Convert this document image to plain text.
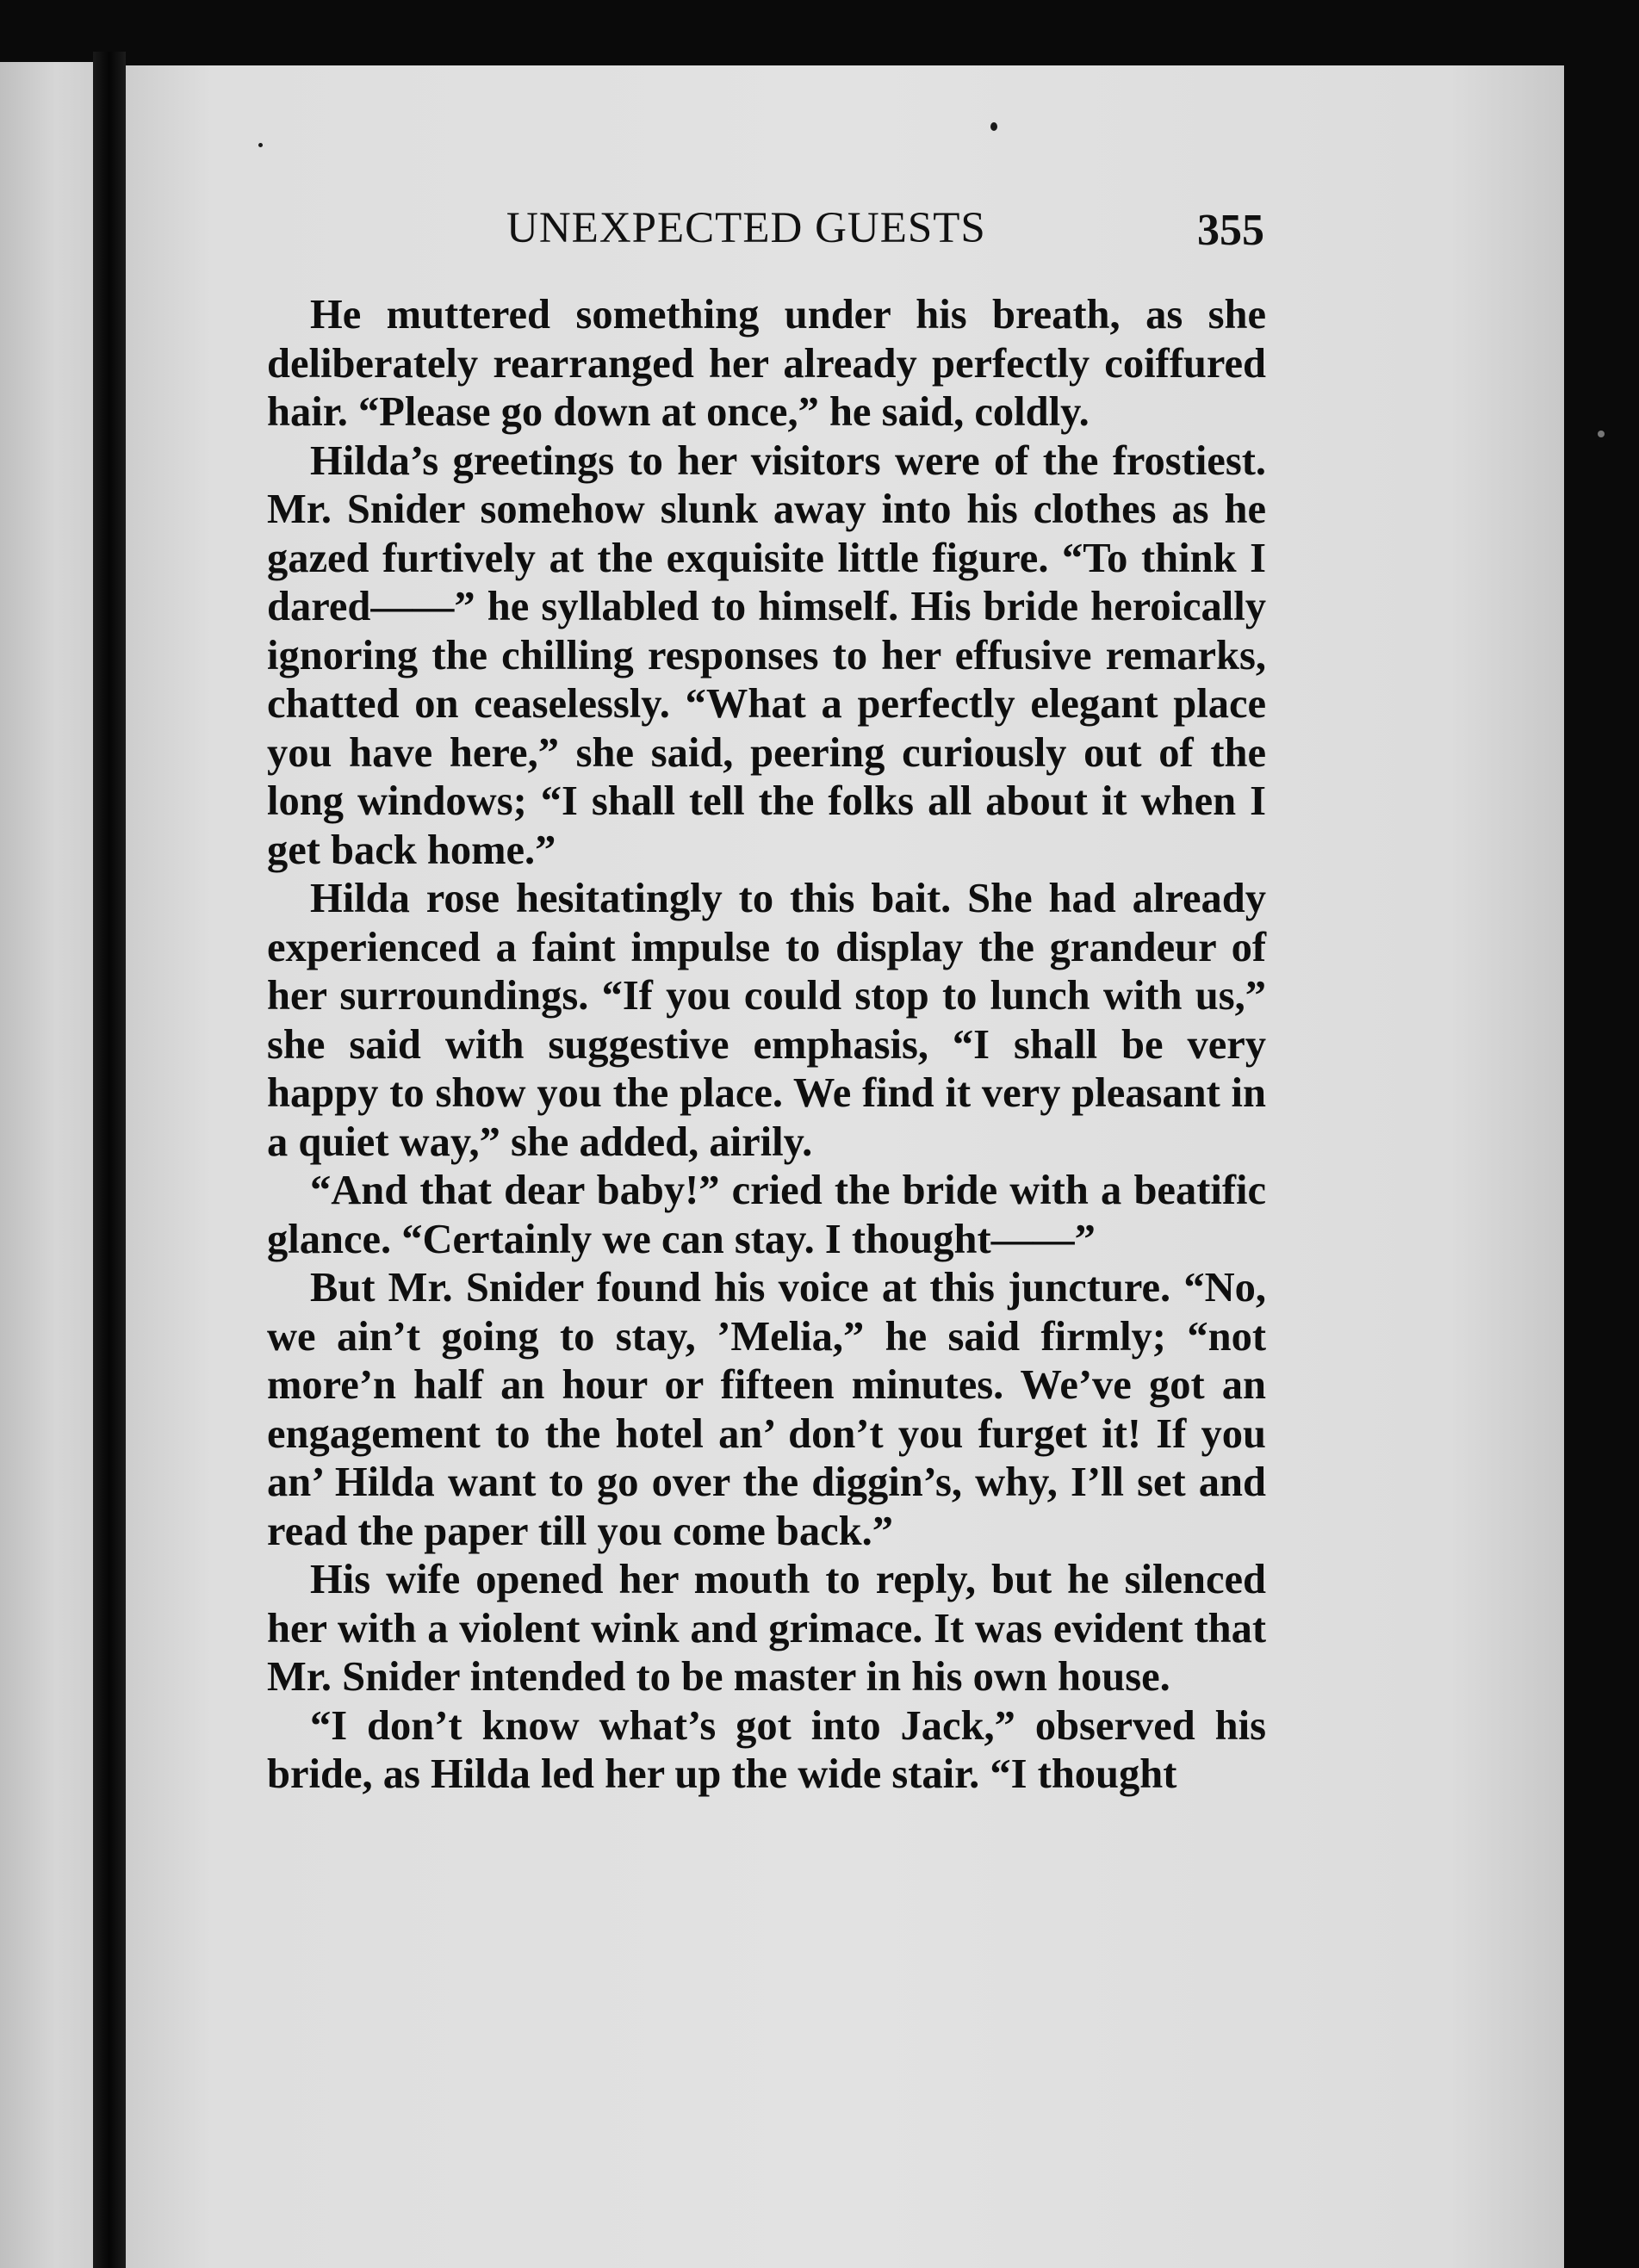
UNEXPECTED GUESTS	355

He muttered something under his breath, as she deliberately rearranged her already perfectly coiffured hair. “Please go down at once,” he said, coldly.

Hilda’s greetings to her visitors were of the frostiest. Mr. Snider somehow slunk away into his clothes as he gazed furtively at the exquisite little figure. “To think I dared——” he syllabled to himself. His bride heroically ignoring the chilling responses to her effusive remarks, chatted on ceaselessly. “What a perfectly elegant place you have here,” she said, peering curiously out of the long windows; “I shall tell the folks all about it when I get back home.”

Hilda rose hesitatingly to this bait. She had already experienced a faint impulse to display the grandeur of her surroundings. “If you could stop to lunch with us,” she said with suggestive emphasis, “I shall be very happy to show you the place. We find it very pleasant in a quiet way,” she added, airily.

“And that dear baby!” cried the bride with a beatific glance. “Certainly we can stay. I thought——”

But Mr. Snider found his voice at this juncture. “No, we ain’t going to stay, ’Melia,” he said firmly; “not more’n half an hour or fifteen minutes. We’ve got an engagement to the hotel an’ don’t you furget it! If you an’ Hilda want to go over the diggin’s, why, I’ll set and read the paper till you come back.”

His wife opened her mouth to reply, but he silenced her with a violent wink and grimace. It was evident that Mr. Snider intended to be master in his own house.

“I don’t know what’s got into Jack,” observed his bride, as Hilda led her up the wide stair. “I thought
